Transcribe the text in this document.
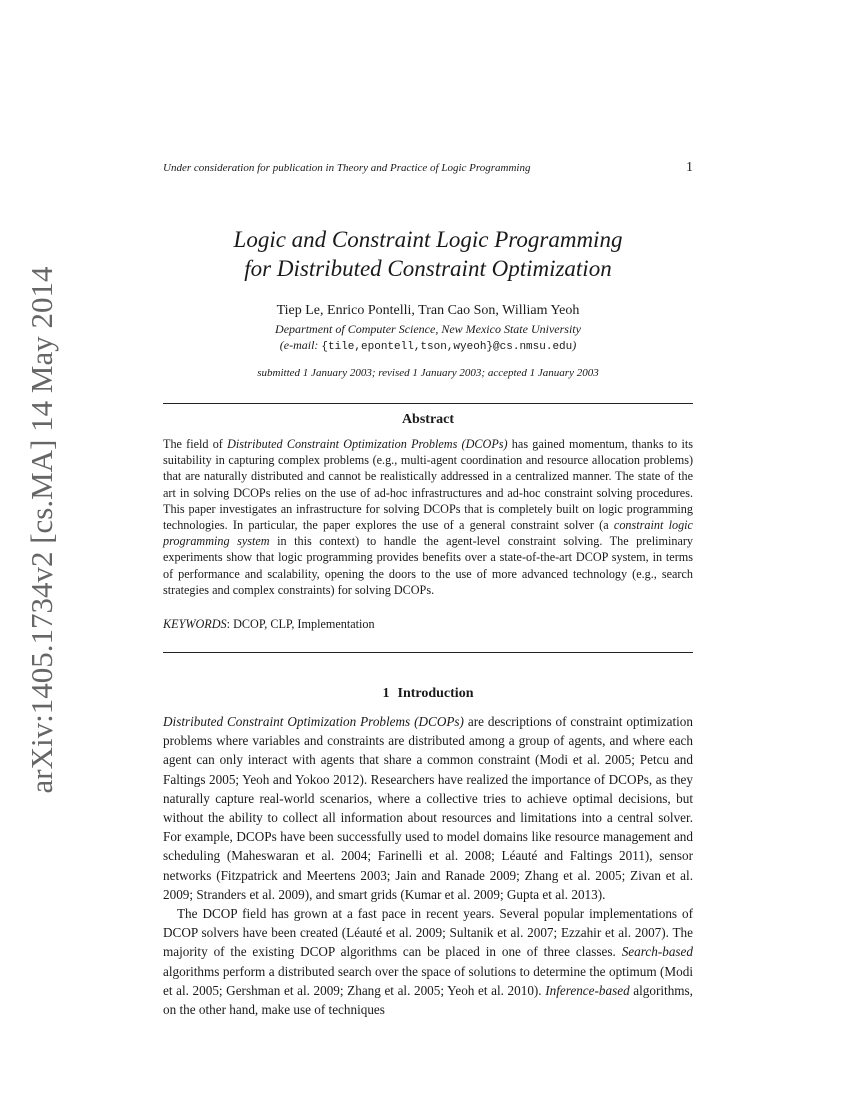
arXiv:1405.1734v2 [cs.MA] 14 May 2014
Under consideration for publication in Theory and Practice of Logic Programming	1
Logic and Constraint Logic Programming
for Distributed Constraint Optimization
Tiep Le, Enrico Pontelli, Tran Cao Son, William Yeoh
Department of Computer Science, New Mexico State University
(e-mail: {tile,epontell,tson,wyeoh}@cs.nmsu.edu)
submitted 1 January 2003; revised 1 January 2003; accepted 1 January 2003
Abstract
The field of Distributed Constraint Optimization Problems (DCOPs) has gained momentum, thanks to its suitability in capturing complex problems (e.g., multi-agent coordination and resource allocation problems) that are naturally distributed and cannot be realistically addressed in a centralized manner. The state of the art in solving DCOPs relies on the use of ad-hoc infrastructures and ad-hoc constraint solving procedures. This paper investigates an infrastructure for solving DCOPs that is completely built on logic programming technologies. In particular, the paper explores the use of a general constraint solver (a constraint logic programming system in this context) to handle the agent-level constraint solving. The preliminary experiments show that logic programming provides benefits over a state-of-the-art DCOP system, in terms of performance and scalability, opening the doors to the use of more advanced technology (e.g., search strategies and complex constraints) for solving DCOPs.
KEYWORDS: DCOP, CLP, Implementation
1 Introduction

Distributed Constraint Optimization Problems (DCOPs) are descriptions of constraint optimization problems where variables and constraints are distributed among a group of agents, and where each agent can only interact with agents that share a common constraint (Modi et al. 2005; Petcu and Faltings 2005; Yeoh and Yokoo 2012). Researchers have realized the importance of DCOPs, as they naturally capture real-world scenarios, where a collective tries to achieve optimal decisions, but without the ability to collect all information about resources and limitations into a central solver. For example, DCOPs have been successfully used to model domains like resource management and scheduling (Maheswaran et al. 2004; Farinelli et al. 2008; Léauté and Faltings 2011), sensor networks (Fitzpatrick and Meertens 2003; Jain and Ranade 2009; Zhang et al. 2005; Zivan et al. 2009; Stranders et al. 2009), and smart grids (Kumar et al. 2009; Gupta et al. 2013).

The DCOP field has grown at a fast pace in recent years. Several popular implementations of DCOP solvers have been created (Léauté et al. 2009; Sultanik et al. 2007; Ezzahir et al. 2007). The majority of the existing DCOP algorithms can be placed in one of three classes. Search-based algorithms perform a distributed search over the space of solutions to determine the optimum (Modi et al. 2005; Gershman et al. 2009; Zhang et al. 2005; Yeoh et al. 2010). Inference-based algorithms, on the other hand, make use of techniques
